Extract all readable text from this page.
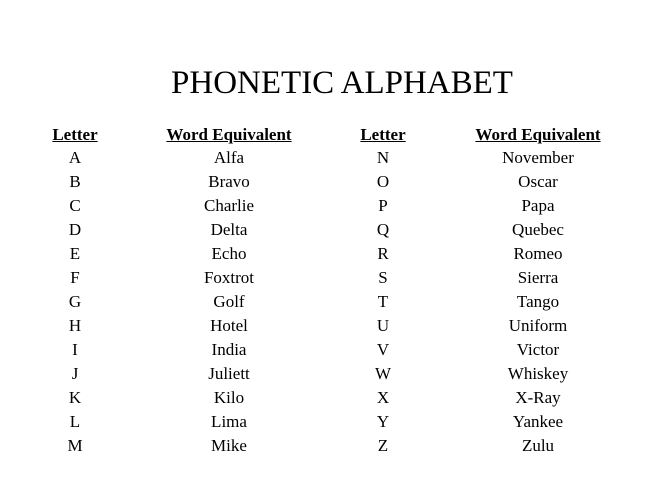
PHONETIC ALPHABET
Letter	Word Equivalent	Letter	Word Equivalent
A	Alfa	N	November
B	Bravo	O	Oscar
C	Charlie	P	Papa
D	Delta	Q	Quebec
E	Echo	R	Romeo
F	Foxtrot	S	Sierra
G	Golf	T	Tango
H	Hotel	U	Uniform
I	India	V	Victor
J	Juliett	W	Whiskey
K	Kilo	X	X-Ray
L	Lima	Y	Yankee
M	Mike	Z	Zulu
